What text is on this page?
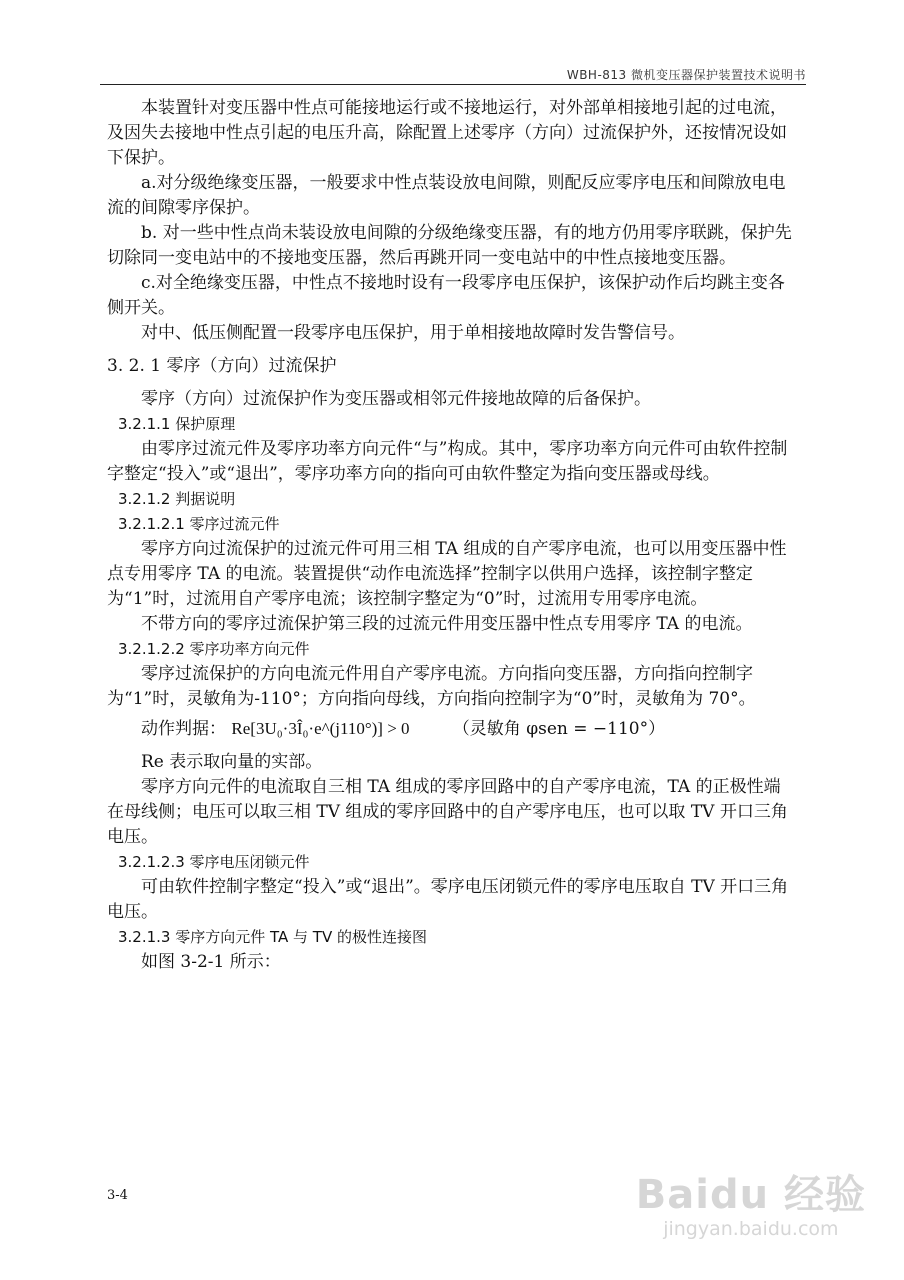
WBH-813 微机变压器保护装置技术说明书

本装置针对变压器中性点可能接地运行或不接地运行，对外部单相接地引起的过电流，及因失去接地中性点引起的电压升高，除配置上述零序（方向）过流保护外，还按情况设如下保护。

a.对分级绝缘变压器，一般要求中性点装设放电间隙，则配反应零序电压和间隙放电电流的间隙零序保护。

b. 对一些中性点尚未装设放电间隙的分级绝缘变压器，有的地方仍用零序联跳，保护先切除同一变电站中的不接地变压器，然后再跳开同一变电站中的中性点接地变压器。

c.对全绝缘变压器，中性点不接地时设有一段零序电压保护，该保护动作后均跳主变各侧开关。

对中、低压侧配置一段零序电压保护，用于单相接地故障时发告警信号。

3. 2. 1 零序（方向）过流保护

零序（方向）过流保护作为变压器或相邻元件接地故障的后备保护。

3.2.1.1 保护原理

由零序过流元件及零序功率方向元件“与”构成。其中，零序功率方向元件可由软件控制字整定“投入”或“退出”，零序功率方向的指向可由软件整定为指向变压器或母线。

3.2.1.2 判据说明

3.2.1.2.1 零序过流元件

零序方向过流保护的过流元件可用三相 TA 组成的自产零序电流，也可以用变压器中性点专用零序 TA 的电流。装置提供“动作电流选择”控制字以供用户选择，该控制字整定为“1”时，过流用自产零序电流；该控制字整定为“0”时，过流用专用零序电流。

不带方向的零序过流保护第三段的过流元件用变压器中性点专用零序 TA 的电流。

3.2.1.2.2 零序功率方向元件

零序过流保护的方向电流元件用自产零序电流。方向指向变压器，方向指向控制字为“1”时，灵敏角为-110°；方向指向母线，方向指向控制字为“0”时，灵敏角为 70°。

动作判据： Re[3U₀·3Î₀·e^(j110°)] > 0	（灵敏角 φsen = −110°）

Re 表示取向量的实部。

零序方向元件的电流取自三相 TA 组成的零序回路中的自产零序电流，TA 的正极性端在母线侧；电压可以取三相 TV 组成的零序回路中的自产零序电压，也可以取 TV 开口三角电压。

3.2.1.2.3 零序电压闭锁元件

可由软件控制字整定“投入”或“退出”。零序电压闭锁元件的零序电压取自 TV 开口三角电压。

3.2.1.3 零序方向元件 TA 与 TV 的极性连接图

如图 3-2-1 所示：

3-4	Baidu 经验
jingyan.baidu.com
